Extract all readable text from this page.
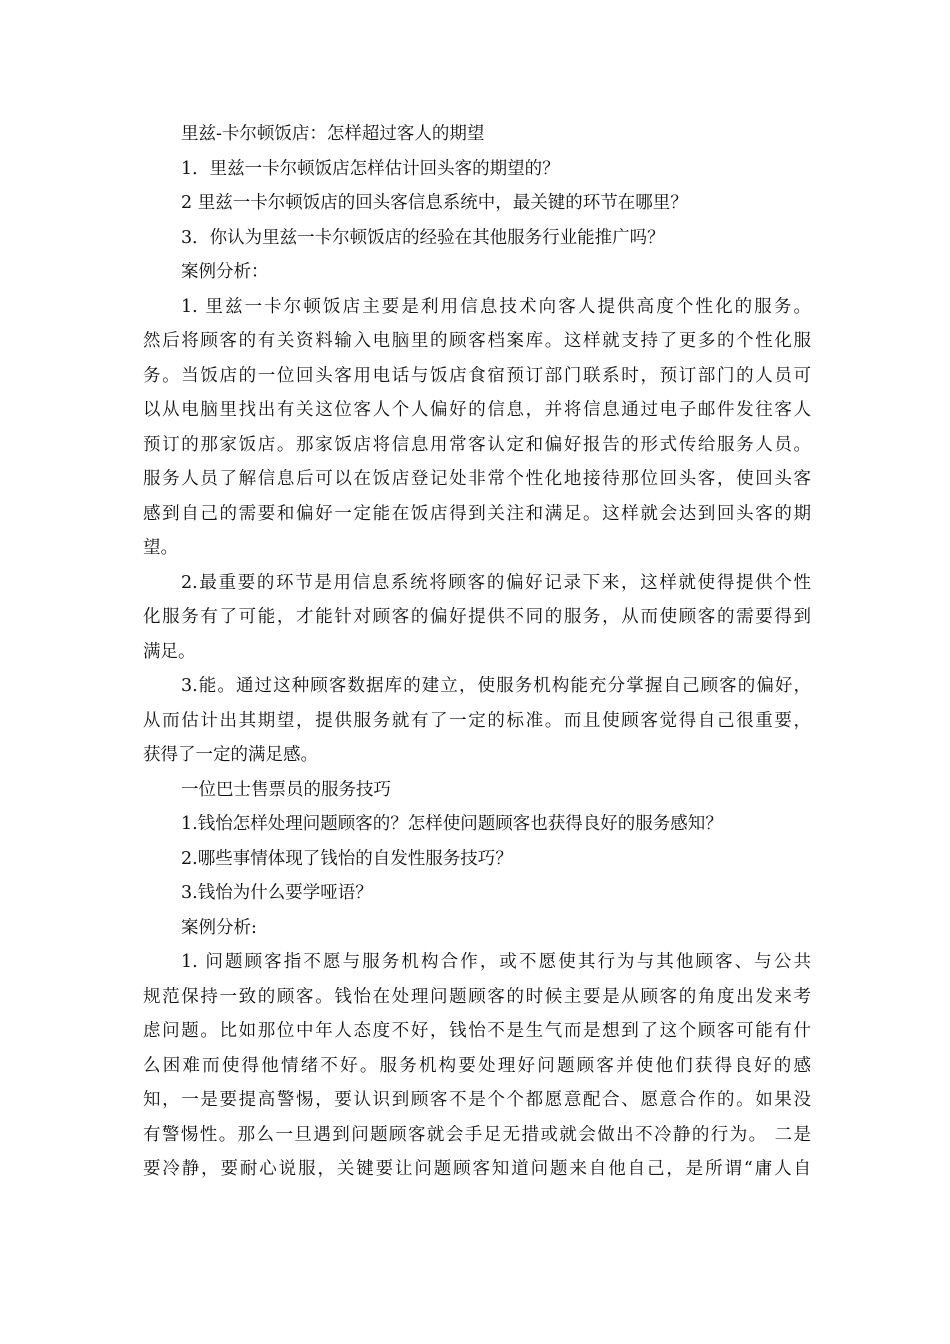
里兹-卡尔顿饭店：怎样超过客人的期望
1．里兹一卡尔顿饭店怎样估计回头客的期望的？
2 里兹一卡尔顿饭店的回头客信息系统中，最关键的环节在哪里？
3．你认为里兹一卡尔顿饭店的经验在其他服务行业能推广吗？
案例分析：
1. 里兹一卡尔顿饭店主要是利用信息技术向客人提供高度个性化的服务。
然后将顾客的有关资料输入电脑里的顾客档案库。这样就支持了更多的个性化服
务。当饭店的一位回头客用电话与饭店食宿预订部门联系时，预订部门的人员可
以从电脑里找出有关这位客人个人偏好的信息，并将信息通过电子邮件发往客人
预订的那家饭店。那家饭店将信息用常客认定和偏好报告的形式传给服务人员。
服务人员了解信息后可以在饭店登记处非常个性化地接待那位回头客，使回头客
感到自己的需要和偏好一定能在饭店得到关注和满足。这样就会达到回头客的期
望。
2.最重要的环节是用信息系统将顾客的偏好记录下来，这样就使得提供个性
化服务有了可能，才能针对顾客的偏好提供不同的服务，从而使顾客的需要得到
满足。
3.能。通过这种顾客数据库的建立，使服务机构能充分掌握自己顾客的偏好，
从而估计出其期望，提供服务就有了一定的标准。而且使顾客觉得自己很重要，
获得了一定的满足感。
一位巴士售票员的服务技巧
1.钱怡怎样处理问题顾客的？怎样使问题顾客也获得良好的服务感知？
2.哪些事情体现了钱怡的自发性服务技巧？
3.钱怡为什么要学哑语？
案例分析:
1. 问题顾客指不愿与服务机构合作，或不愿使其行为与其他顾客、与公共
规范保持一致的顾客。钱怡在处理问题顾客的时候主要是从顾客的角度出发来考
虑问题。比如那位中年人态度不好，钱怡不是生气而是想到了这个顾客可能有什
么困难而使得他情绪不好。服务机构要处理好问题顾客并使他们获得良好的感
知，一是要提高警惕，要认识到顾客不是个个都愿意配合、愿意合作的。如果没
有警惕性。那么一旦遇到问题顾客就会手足无措或就会做出不冷静的行为。 二是
要冷静，要耐心说服，关键要让问题顾客知道问题来自他自己，是所谓“庸人自
